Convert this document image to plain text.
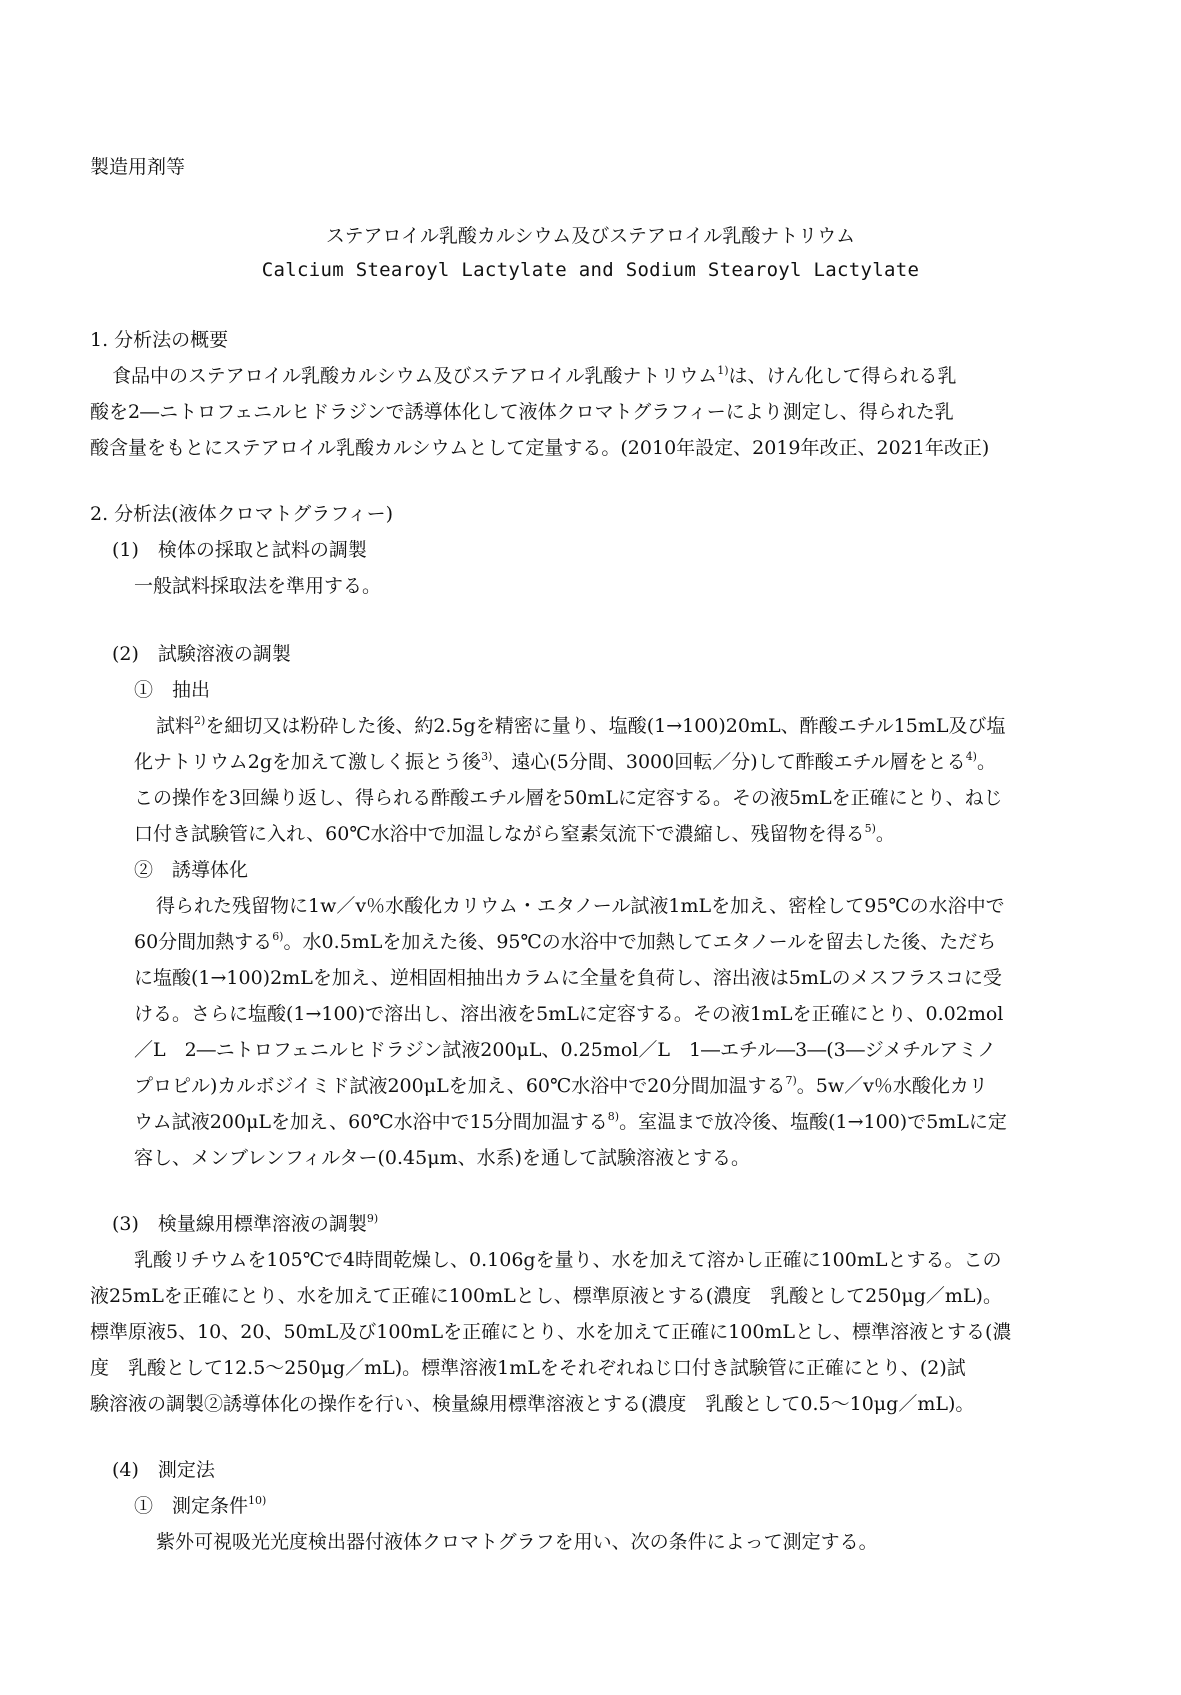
製造用剤等
ステアロイル乳酸カルシウム及びステアロイル乳酸ナトリウム
Calcium Stearoyl Lactylate and Sodium Stearoyl Lactylate
1. 分析法の概要
食品中のステアロイル乳酸カルシウム及びステアロイル乳酸ナトリウム$^{1)}$は、けん化して得られる乳
酸を2―ニトロフェニルヒドラジンで誘導体化して液体クロマトグラフィーにより測定し、得られた乳
酸含量をもとにステアロイル乳酸カルシウムとして定量する。(2010年設定、2019年改正、2021年改正)
2. 分析法(液体クロマトグラフィー)
(1)　検体の採取と試料の調製
一般試料採取法を準用する。
(2)　試験溶液の調製
①　抽出
試料$^{2)}$を細切又は粉砕した後、約2.5gを精密に量り、塩酸(1→100)20mL、酢酸エチル15mL及び塩
化ナトリウム2gを加えて激しく振とう後$^{3)}$、遠心(5分間、3000回転／分)して酢酸エチル層をとる$^{4)}$。
この操作を3回繰り返し、得られる酢酸エチル層を50mLに定容する。その液5mLを正確にとり、ねじ
口付き試験管に入れ、60℃水浴中で加温しながら窒素気流下で濃縮し、残留物を得る$^{5)}$。
②　誘導体化
得られた残留物に1w／v％水酸化カリウム・エタノール試液1mLを加え、密栓して95℃の水浴中で
60分間加熱する$^{6)}$。水0.5mLを加えた後、95℃の水浴中で加熱してエタノールを留去した後、ただち
に塩酸(1→100)2mLを加え、逆相固相抽出カラムに全量を負荷し、溶出液は5mLのメスフラスコに受
ける。さらに塩酸(1→100)で溶出し、溶出液を5mLに定容する。その液1mLを正確にとり、0.02mol
／L　2―ニトロフェニルヒドラジン試液200μL、0.25mol／L　1―エチル―3―(3―ジメチルアミノ
プロピル)カルボジイミド試液200μLを加え、60℃水浴中で20分間加温する$^{7)}$。5w／v％水酸化カリ
ウム試液200μLを加え、60℃水浴中で15分間加温する$^{8)}$。室温まで放冷後、塩酸(1→100)で5mLに定
容し、メンブレンフィルター(0.45μm、水系)を通して試験溶液とする。
(3)　検量線用標準溶液の調製$^{9)}$
乳酸リチウムを105℃で4時間乾燥し、0.106gを量り、水を加えて溶かし正確に100mLとする。この
液25mLを正確にとり、水を加えて正確に100mLとし、標準原液とする(濃度　乳酸として250μg／mL)。
標準原液5、10、20、50mL及び100mLを正確にとり、水を加えて正確に100mLとし、標準溶液とする(濃
度　乳酸として12.5～250μg／mL)。標準溶液1mLをそれぞれねじ口付き試験管に正確にとり、(2)試
験溶液の調製②誘導体化の操作を行い、検量線用標準溶液とする(濃度　乳酸として0.5～10μg／mL)。
(4)　測定法
①　測定条件$^{10)}$
紫外可視吸光光度検出器付液体クロマトグラフを用い、次の条件によって測定する。
